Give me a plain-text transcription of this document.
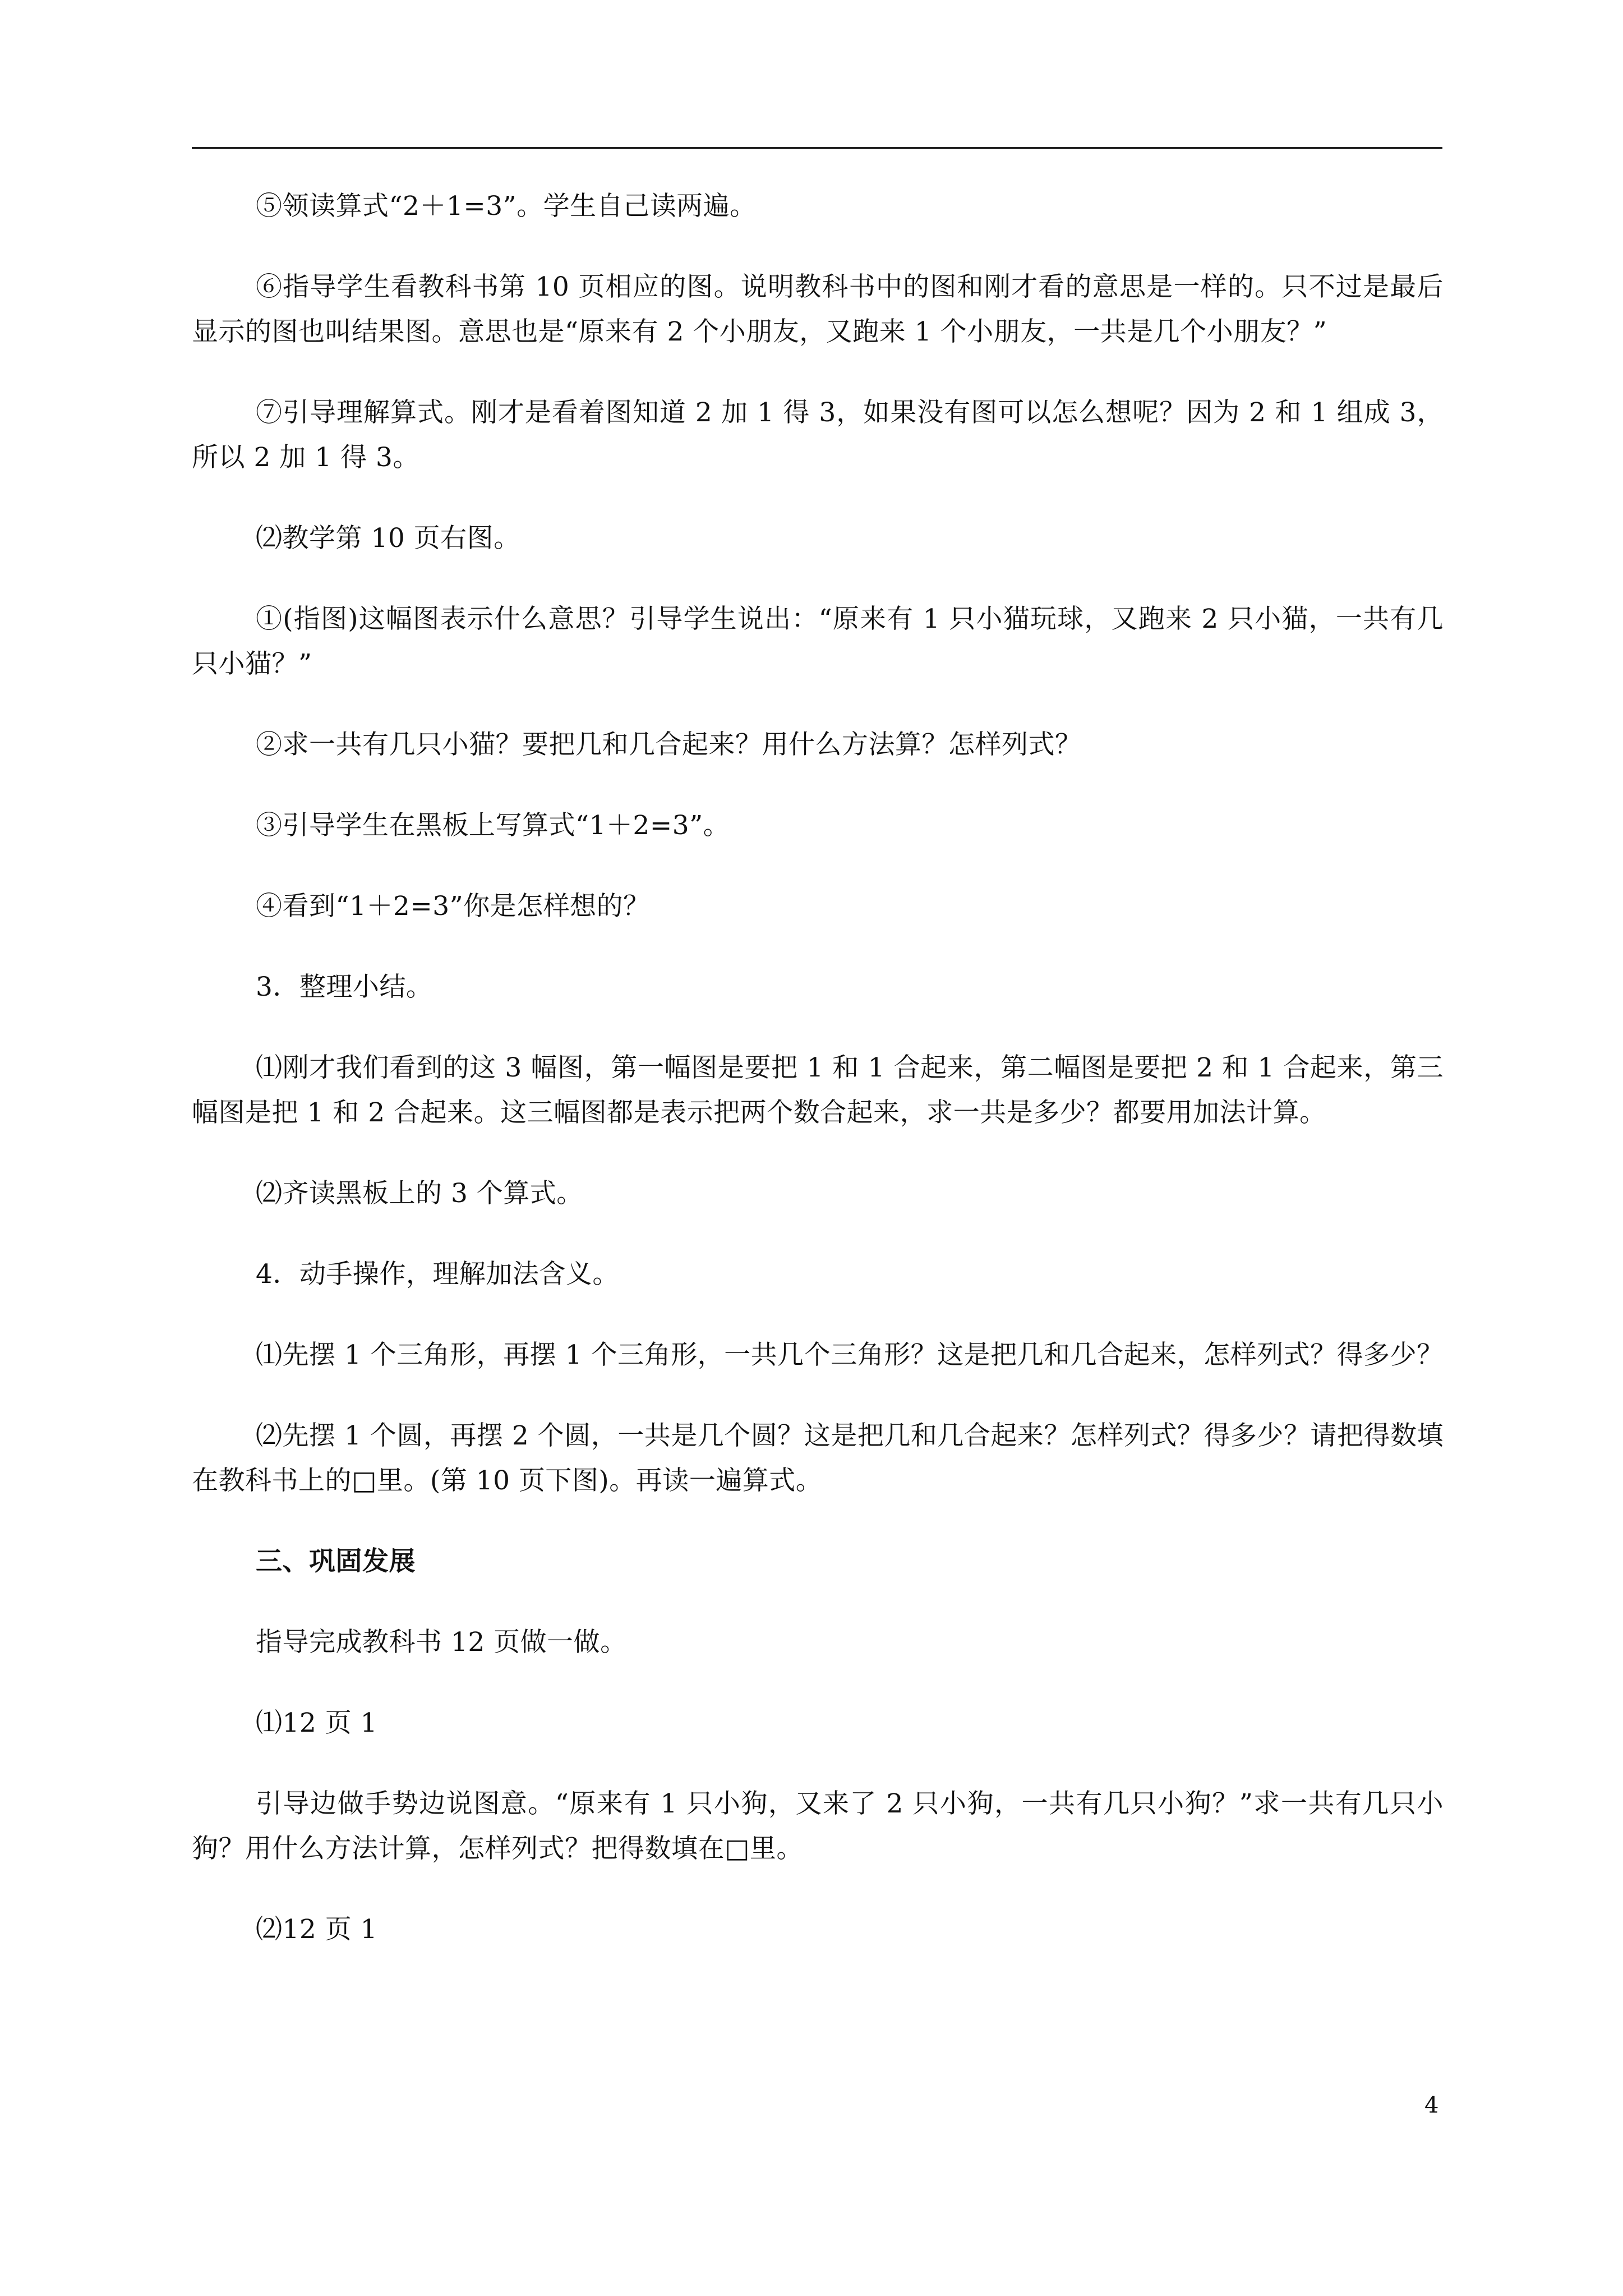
⑤领读算式“2＋1=3”。学生自己读两遍。

⑥指导学生看教科书第 10 页相应的图。说明教科书中的图和刚才看的意思是一样的。只不过是最后显示的图也叫结果图。意思也是“原来有 2 个小朋友，又跑来 1 个小朋友，一共是几个小朋友？”

⑦引导理解算式。刚才是看着图知道 2 加 1 得 3，如果没有图可以怎么想呢？因为 2 和 1 组成 3，所以 2 加 1 得 3。

⑵教学第 10 页右图。

①(指图)这幅图表示什么意思？引导学生说出：“原来有 1 只小猫玩球，又跑来 2 只小猫，一共有几只小猫？”

②求一共有几只小猫？要把几和几合起来？用什么方法算？怎样列式？

③引导学生在黑板上写算式“1＋2=3”。

④看到“1＋2=3”你是怎样想的？

3．整理小结。

⑴刚才我们看到的这 3 幅图，第一幅图是要把 1 和 1 合起来，第二幅图是要把 2 和 1 合起来，第三幅图是把 1 和 2 合起来。这三幅图都是表示把两个数合起来，求一共是多少？都要用加法计算。

⑵齐读黑板上的 3 个算式。

4．动手操作，理解加法含义。

⑴先摆 1 个三角形，再摆 1 个三角形，一共几个三角形？这是把几和几合起来，怎样列式？得多少？

⑵先摆 1 个圆，再摆 2 个圆，一共是几个圆？这是把几和几合起来？怎样列式？得多少？请把得数填在教科书上的□里。(第 10 页下图)。再读一遍算式。

三、巩固发展

指导完成教科书 12 页做一做。

⑴12 页 1

引导边做手势边说图意。“原来有 1 只小狗，又来了 2 只小狗，一共有几只小狗？”求一共有几只小狗？用什么方法计算，怎样列式？把得数填在□里。

⑵12 页 1

4
